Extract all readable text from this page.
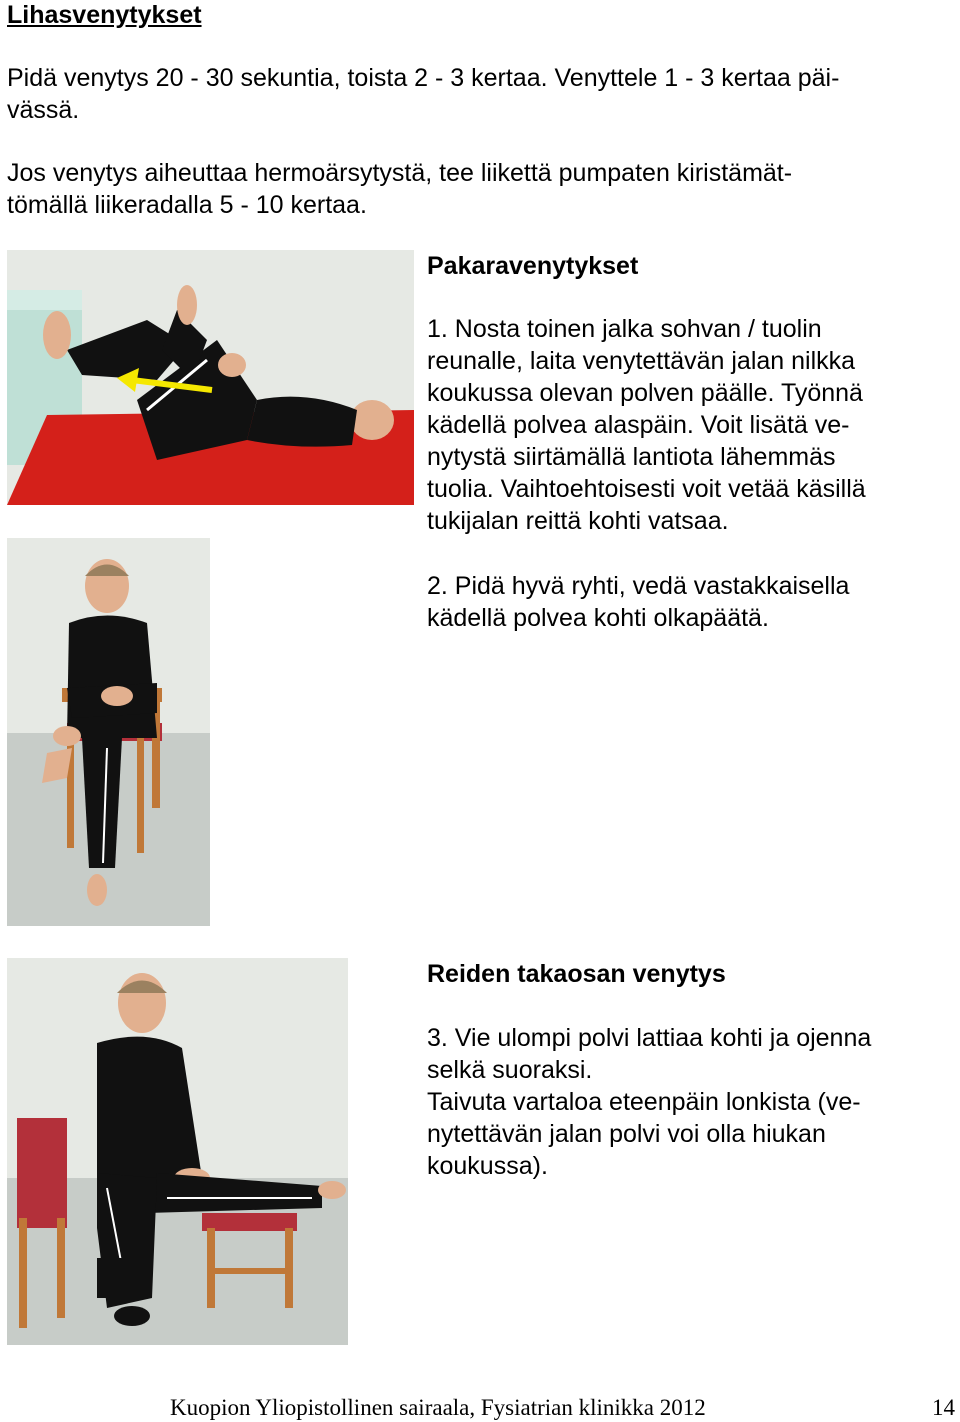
Lihasvenytykset
Pidä venytys 20 - 30 sekuntia, toista 2 - 3 kertaa. Venyttele 1 - 3 kertaa päi-
vässä.
Jos venytys aiheuttaa hermoärsytystä, tee liikettä pumpaten kiristämät-
tömällä liikeradalla 5 - 10 kertaa.
Pakaravenytykset
1. Nosta toinen jalka sohvan / tuolin
reunalle, laita venytettävän jalan nilkka
koukussa olevan polven päälle. Työnnä
kädellä polvea alaspäin. Voit lisätä ve-
nytystä siirtämällä lantiota lähemmäs
tuolia. Vaihtoehtoisesti voit vetää käsillä
tukijalan reittä kohti vatsaa.
2. Pidä hyvä ryhti, vedä vastakkaisella
kädellä polvea kohti olkapäätä.
Reiden takaosan venytys
3. Vie ulompi polvi lattiaa kohti ja ojenna
selkä suoraksi.
Taivuta vartaloa eteenpäin lonkista (ve-
nytettävän jalan polvi voi olla hiukan
koukussa).
Kuopion Yliopistollinen sairaala, Fysiatrian klinikka 2012	14
